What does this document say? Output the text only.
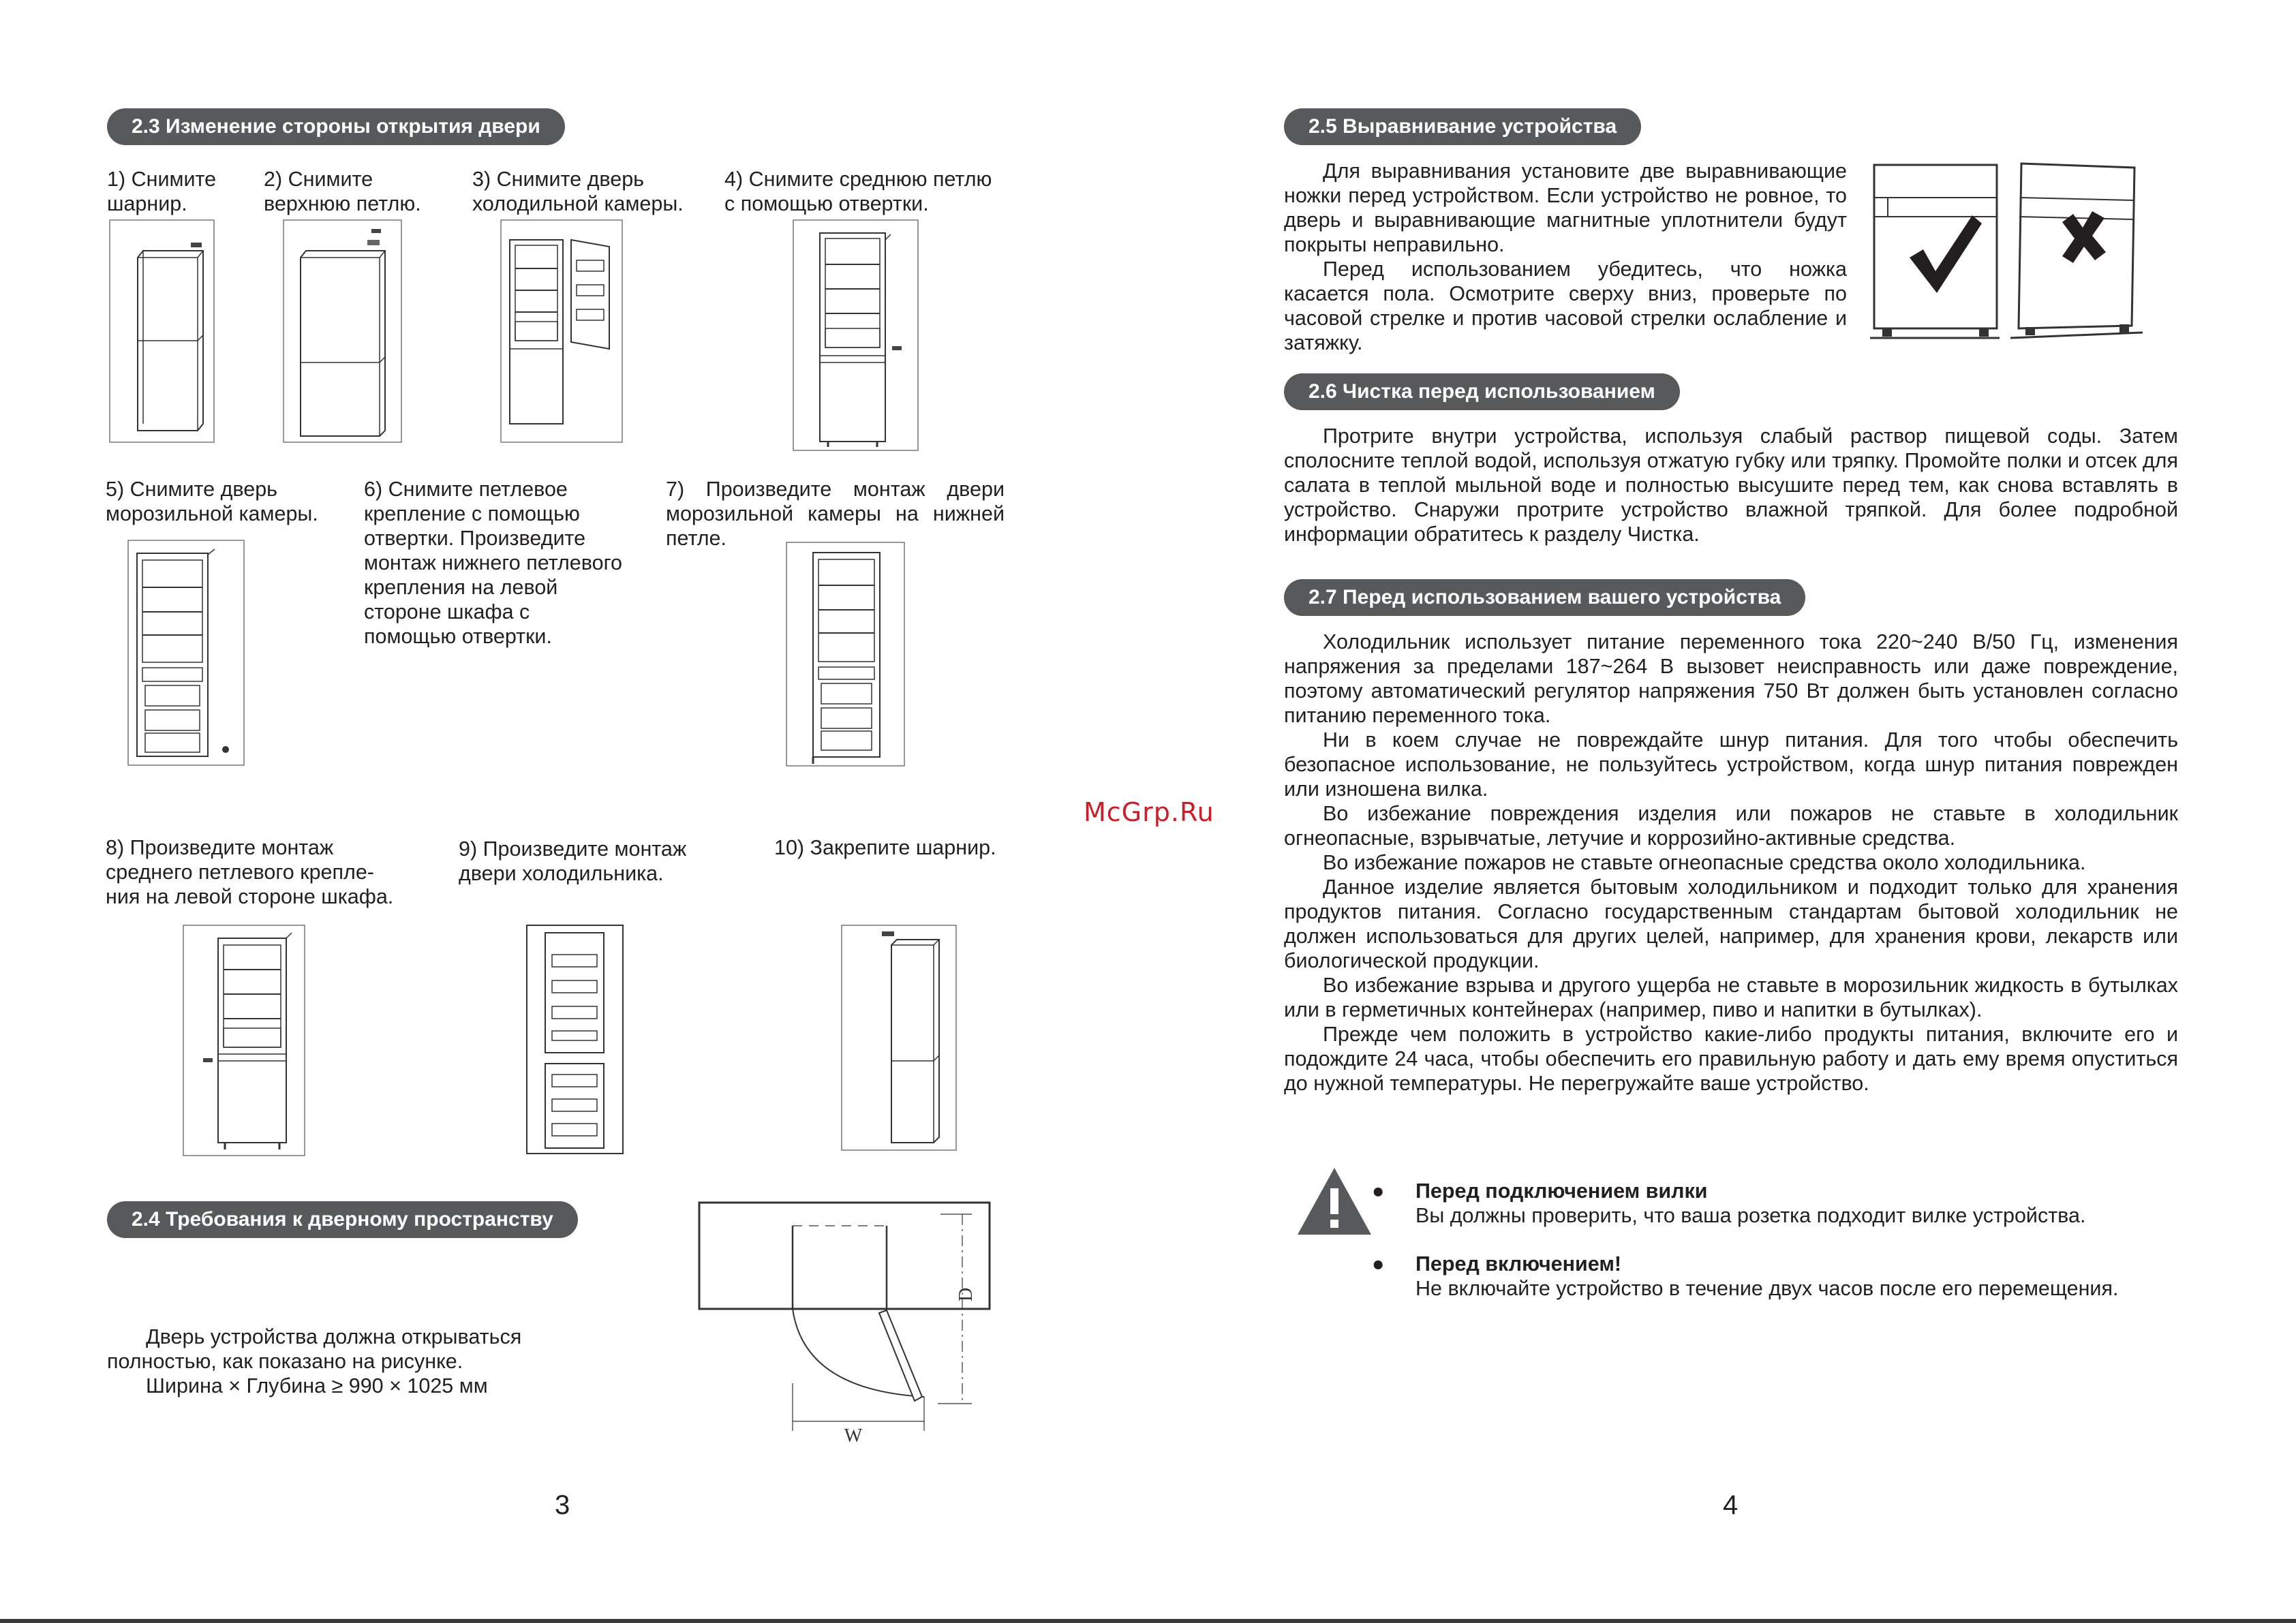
2.3 Изменение стороны открытия двери
1) Снимите
шарнир.
2) Снимите
верхнюю петлю.
3) Снимите дверь
холодильной камеры.
4) Снимите среднюю петлю
с помощью отвертки.
5) Снимите дверь
морозильной камеры.
6) Снимите петлевое
крепление с помощью
отвертки. Произведите
монтаж нижнего петлевого
крепления на левой
стороне шкафа с
помощью отвертки.
7) Произведите монтаж двери
морозильной камеры на нижней
петле.
McGrp.Ru
8) Произведите монтаж
среднего петлевого крепле-
ния на левой стороне шкафа.
9) Произведите монтаж
двери холодильника.
10) Закрепите шарнир.
2.4 Требования к дверному пространству
Дверь устройства должна открываться
полностью, как показано на рисунке.
Ширина × Глубина ≥ 990 × 1025 мм
D
W
3
2.5 Выравнивание устройства

Для выравнивания установите две выравнивающие ножки перед устройством. Если устройство не ровное, то дверь и выравнивающие магнитные уплотнители будут покрыты неправильно.

Перед использованием убедитесь, что ножка касается пола. Осмотрите сверху вниз, проверьте по часовой стрелке и против часовой стрелки ослабление и затяжку.

2.6 Чистка перед использованием

Протрите внутри устройства, используя слабый раствор пищевой соды. Затем сполосните теплой водой, используя отжатую губку или тряпку. Промойте полки и отсек для салата в теплой мыльной воде и полностью высушите перед тем, как снова вставлять в устройство. Снаружи протрите устройство влажной тряпкой. Для более подробной информации обратитесь к разделу Чистка.

2.7 Перед использованием вашего устройства

Холодильник использует питание переменного тока 220~240 В/50 Гц, изменения напряжения за пределами 187~264 В вызовет неисправность или даже повреждение, поэтому автоматический регулятор напряжения 750 Вт должен быть установлен согласно питанию переменного тока.

Ни в коем случае не повреждайте шнур питания. Для того чтобы обеспечить безопасное использование, не пользуйтесь устройством, когда шнур питания поврежден или изношена вилка.

Во избежание повреждения изделия или пожаров не ставьте в холодильник огнеопасные, взрывчатые, летучие и коррозийно-активные средства.

Во избежание пожаров не ставьте огнеопасные средства около холодильника.

Данное изделие является бытовым холодильником и подходит только для хранения продуктов питания. Согласно государственным стандартам бытовой холодильник не должен использоваться для других целей, например, для хранения крови, лекарств или биологической продукции.

Во избежание взрыва и другого ущерба не ставьте в морозильник жидкость в бутылках или в герметичных контейнерах (например, пиво и напитки в бутылках).

Прежде чем положить в устройство какие-либо продукты питания, включите его и подождите 24 часа, чтобы обеспечить его правильную работу и дать ему время опуститься до нужной температуры. Не перегружайте ваше устройство.

● Перед подключением вилки
Вы должны проверить, что ваша розетка подходит вилке устройства.
● Перед включением!
Не включайте устройство в течение двух часов после его перемещения.
4
